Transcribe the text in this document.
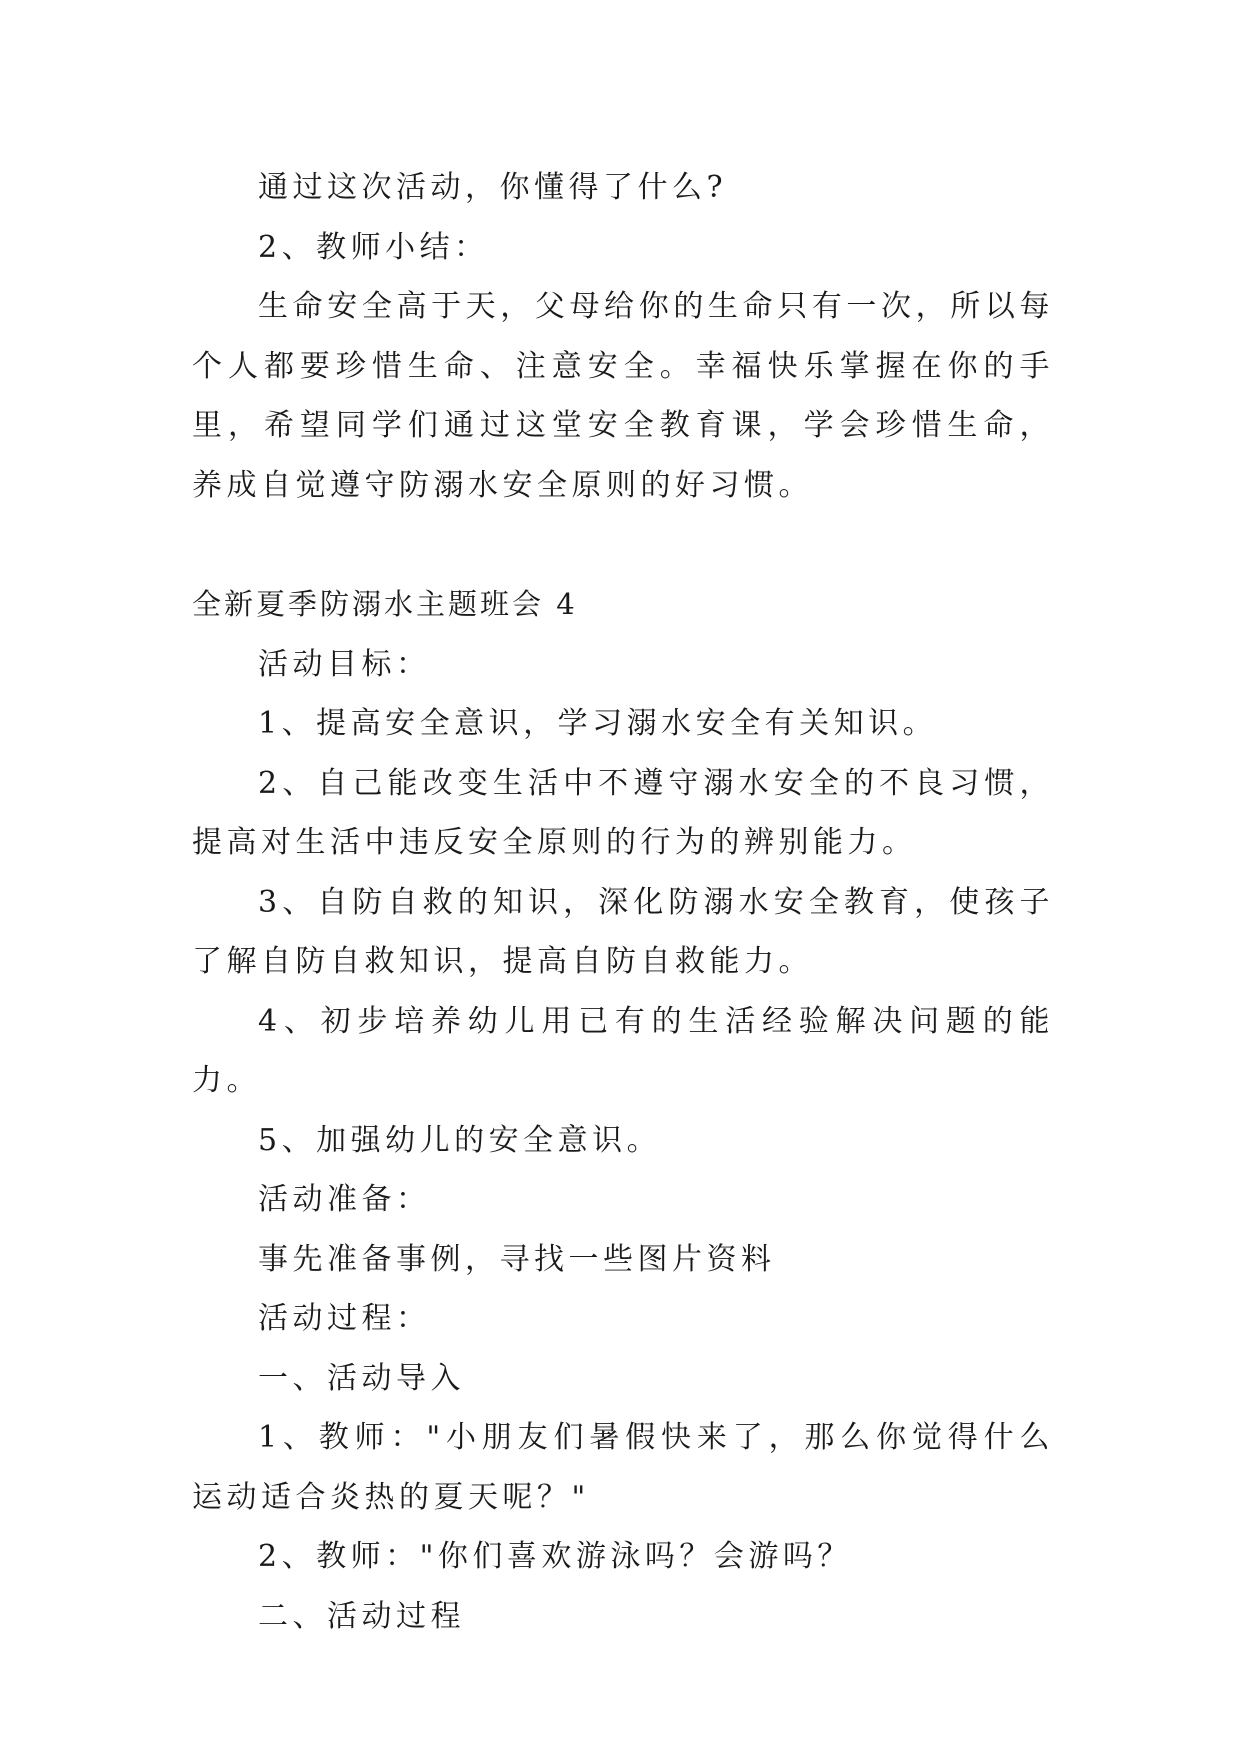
通过这次活动，你懂得了什么?

2、教师小结：

生命安全高于天，父母给你的生命只有一次，所以每个人都要珍惜生命、注意安全。幸福快乐掌握在你的手里，希望同学们通过这堂安全教育课，学会珍惜生命，养成自觉遵守防溺水安全原则的好习惯。

全新夏季防溺水主题班会 4

活动目标：

1、提高安全意识，学习溺水安全有关知识。

2、自己能改变生活中不遵守溺水安全的不良习惯，提高对生活中违反安全原则的行为的辨别能力。

3、自防自救的知识，深化防溺水安全教育，使孩子了解自防自救知识，提高自防自救能力。

4、初步培养幼儿用已有的生活经验解决问题的能力。

5、加强幼儿的安全意识。

活动准备：

事先准备事例，寻找一些图片资料

活动过程：

一、活动导入

1、教师："小朋友们暑假快来了，那么你觉得什么运动适合炎热的夏天呢？"

2、教师："你们喜欢游泳吗？会游吗？

二、活动过程
